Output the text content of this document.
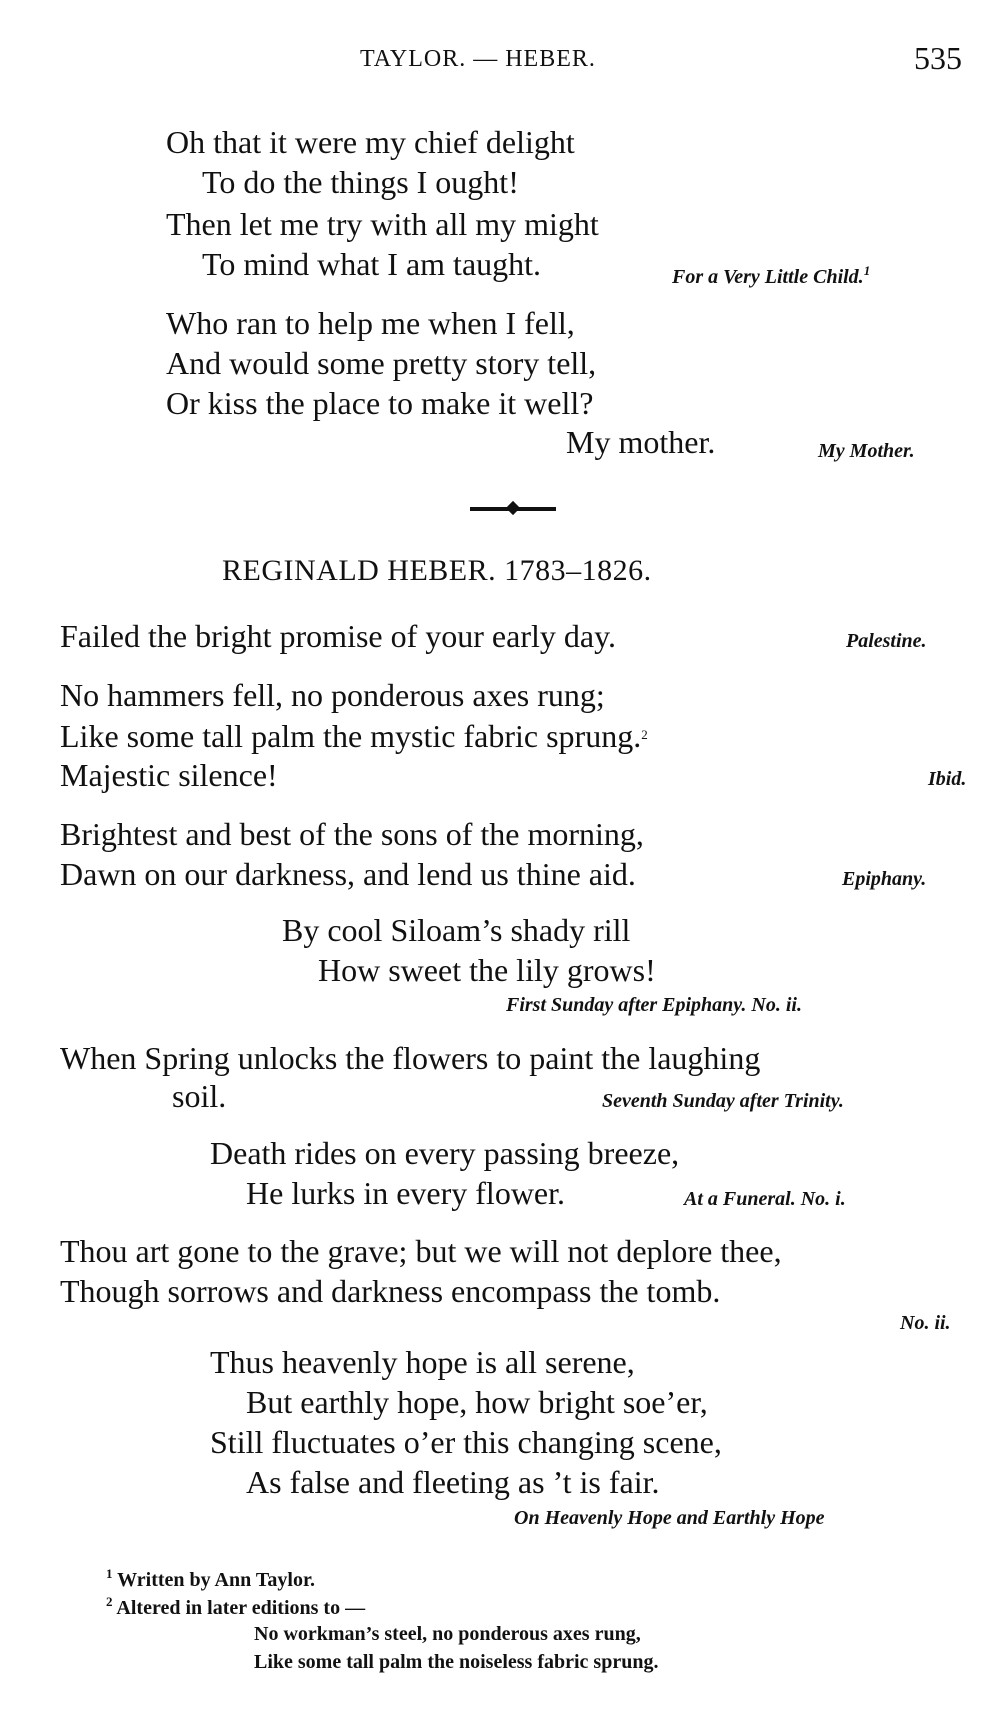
TAYLOR. — HEBER.	535
Oh that it were my chief delight
To do the things I ought!
Then let me try with all my might
To mind what I am taught.	For a Very Little Child.$^1$
Who ran to help me when I fell,
And would some pretty story tell,
Or kiss the place to make it well?
My mother.	My Mother.
REGINALD HEBER. 1783–1826.
Failed the bright promise of your early day.	Palestine.
No hammers fell, no ponderous axes rung;
Like some tall palm the mystic fabric sprung.$^2$
Majestic silence!	Ibid.
Brightest and best of the sons of the morning,
Dawn on our darkness, and lend us thine aid.	Epiphany.
By cool Siloam’s shady rill
How sweet the lily grows!
First Sunday after Epiphany. No. ii.
When Spring unlocks the flowers to paint the laughing
soil.	Seventh Sunday after Trinity.
Death rides on every passing breeze,
He lurks in every flower.	At a Funeral. No. i.
Thou art gone to the grave; but we will not deplore thee,
Though sorrows and darkness encompass the tomb.
No. ii.
Thus heavenly hope is all serene,
But earthly hope, how bright soe’er,
Still fluctuates o’er this changing scene,
As false and fleeting as ’t is fair.
On Heavenly Hope and Earthly Hope
$^1$ Written by Ann Taylor.
$^2$ Altered in later editions to —
No workman’s steel, no ponderous axes rung,
Like some tall palm the noiseless fabric sprung.
